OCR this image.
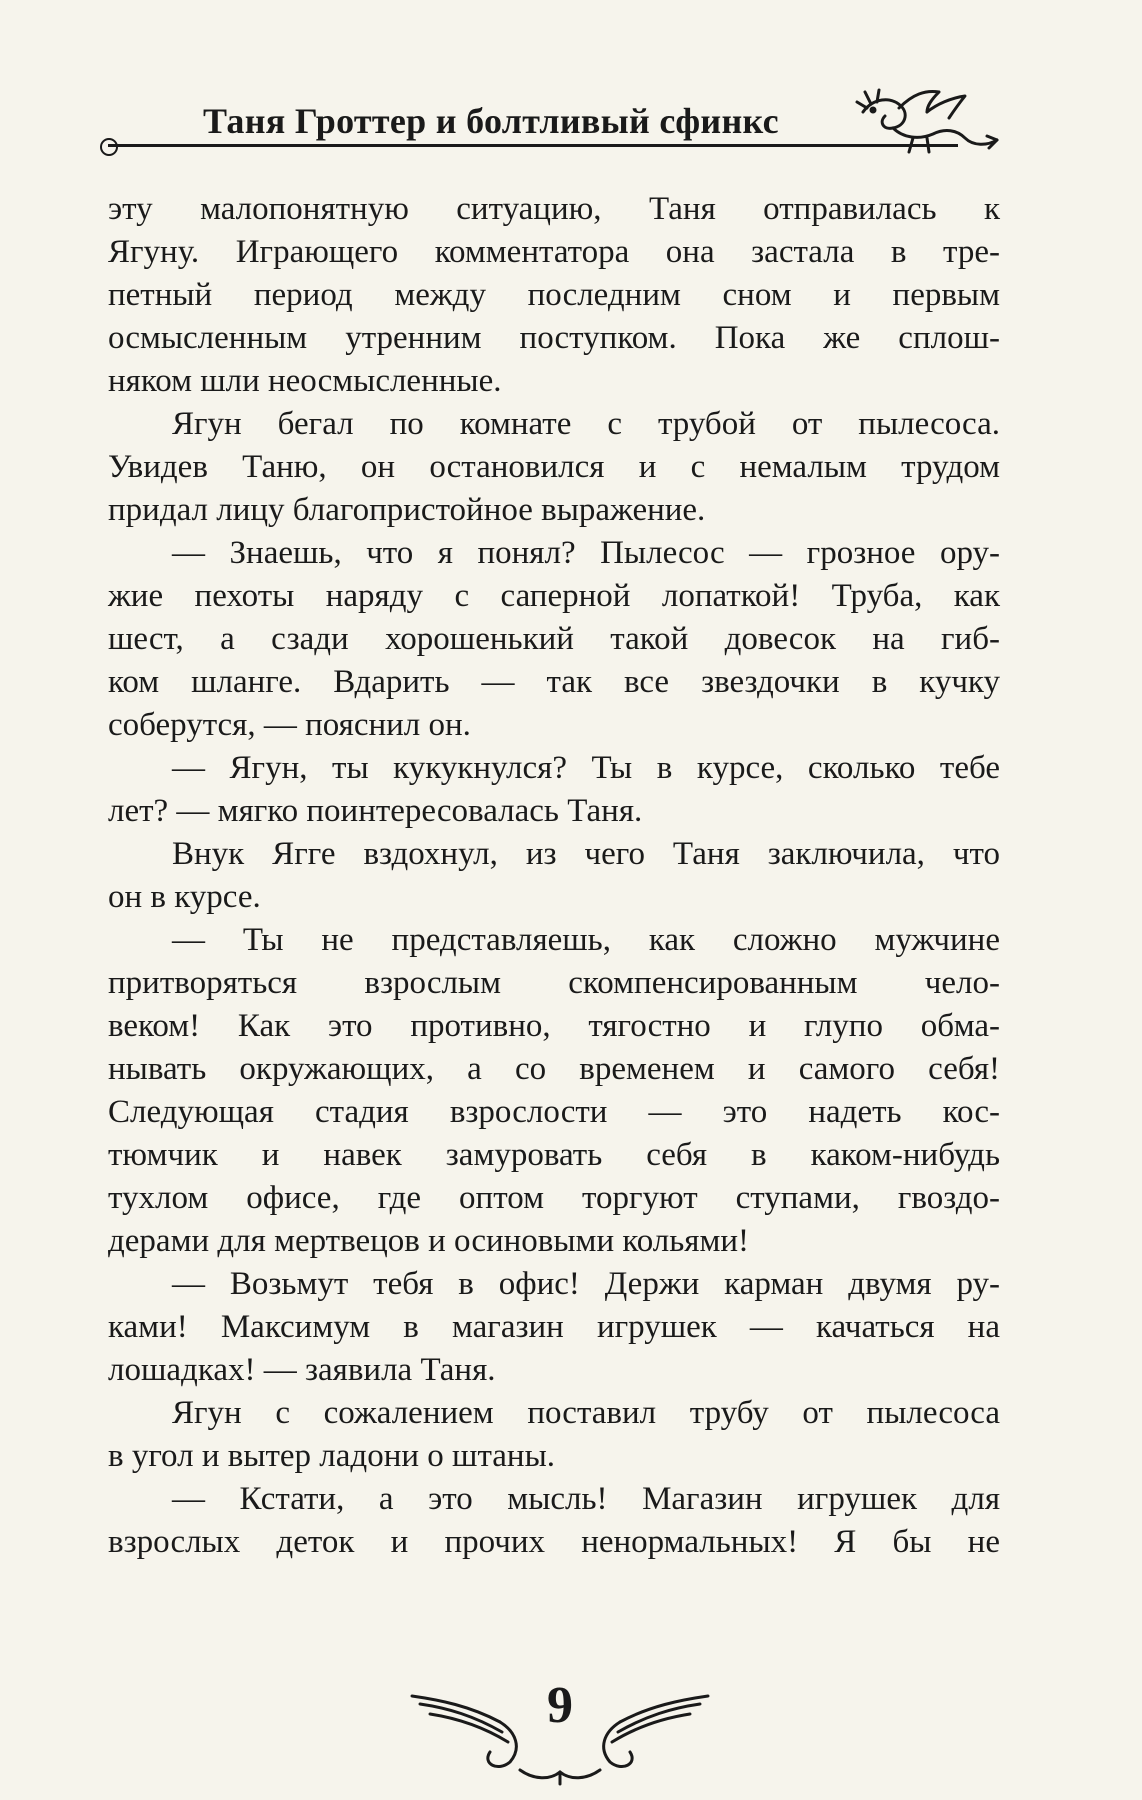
Таня Гроттер и болтливый сфинкс
эту малопонятную ситуацию, Таня отправилась к
Ягуну. Играющего комментатора она застала в тре-
петный период между последним сном и первым
осмысленным утренним поступком. Пока же сплош-
няком шли неосмысленные.
Ягун бегал по комнате с трубой от пылесоса.
Увидев Таню, он остановился и с немалым трудом
придал лицу благопристойное выражение.
— Знаешь, что я понял? Пылесос — грозное ору-
жие пехоты наряду с саперной лопаткой! Труба, как
шест, а сзади хорошенький такой довесок на гиб-
ком шланге. Вдарить — так все звездочки в кучку
соберутся, — пояснил он.
— Ягун, ты кукукнулся? Ты в курсе, сколько тебе
лет? — мягко поинтересовалась Таня.
Внук Ягге вздохнул, из чего Таня заключила, что
он в курсе.
— Ты не представляешь, как сложно мужчине
притворяться взрослым скомпенсированным чело-
веком! Как это противно, тягостно и глупо обма-
нывать окружающих, а со временем и самого себя!
Следующая стадия взрослости — это надеть кос-
тюмчик и навек замуровать себя в каком-нибудь
тухлом офисе, где оптом торгуют ступами, гвоздо-
дерами для мертвецов и осиновыми кольями!
— Возьмут тебя в офис! Держи карман двумя ру-
ками! Максимум в магазин игрушек — качаться на
лошадках! — заявила Таня.
Ягун с сожалением поставил трубу от пылесоса
в угол и вытер ладони о штаны.
— Кстати, а это мысль! Магазин игрушек для
взрослых деток и прочих ненормальных! Я бы не
9
